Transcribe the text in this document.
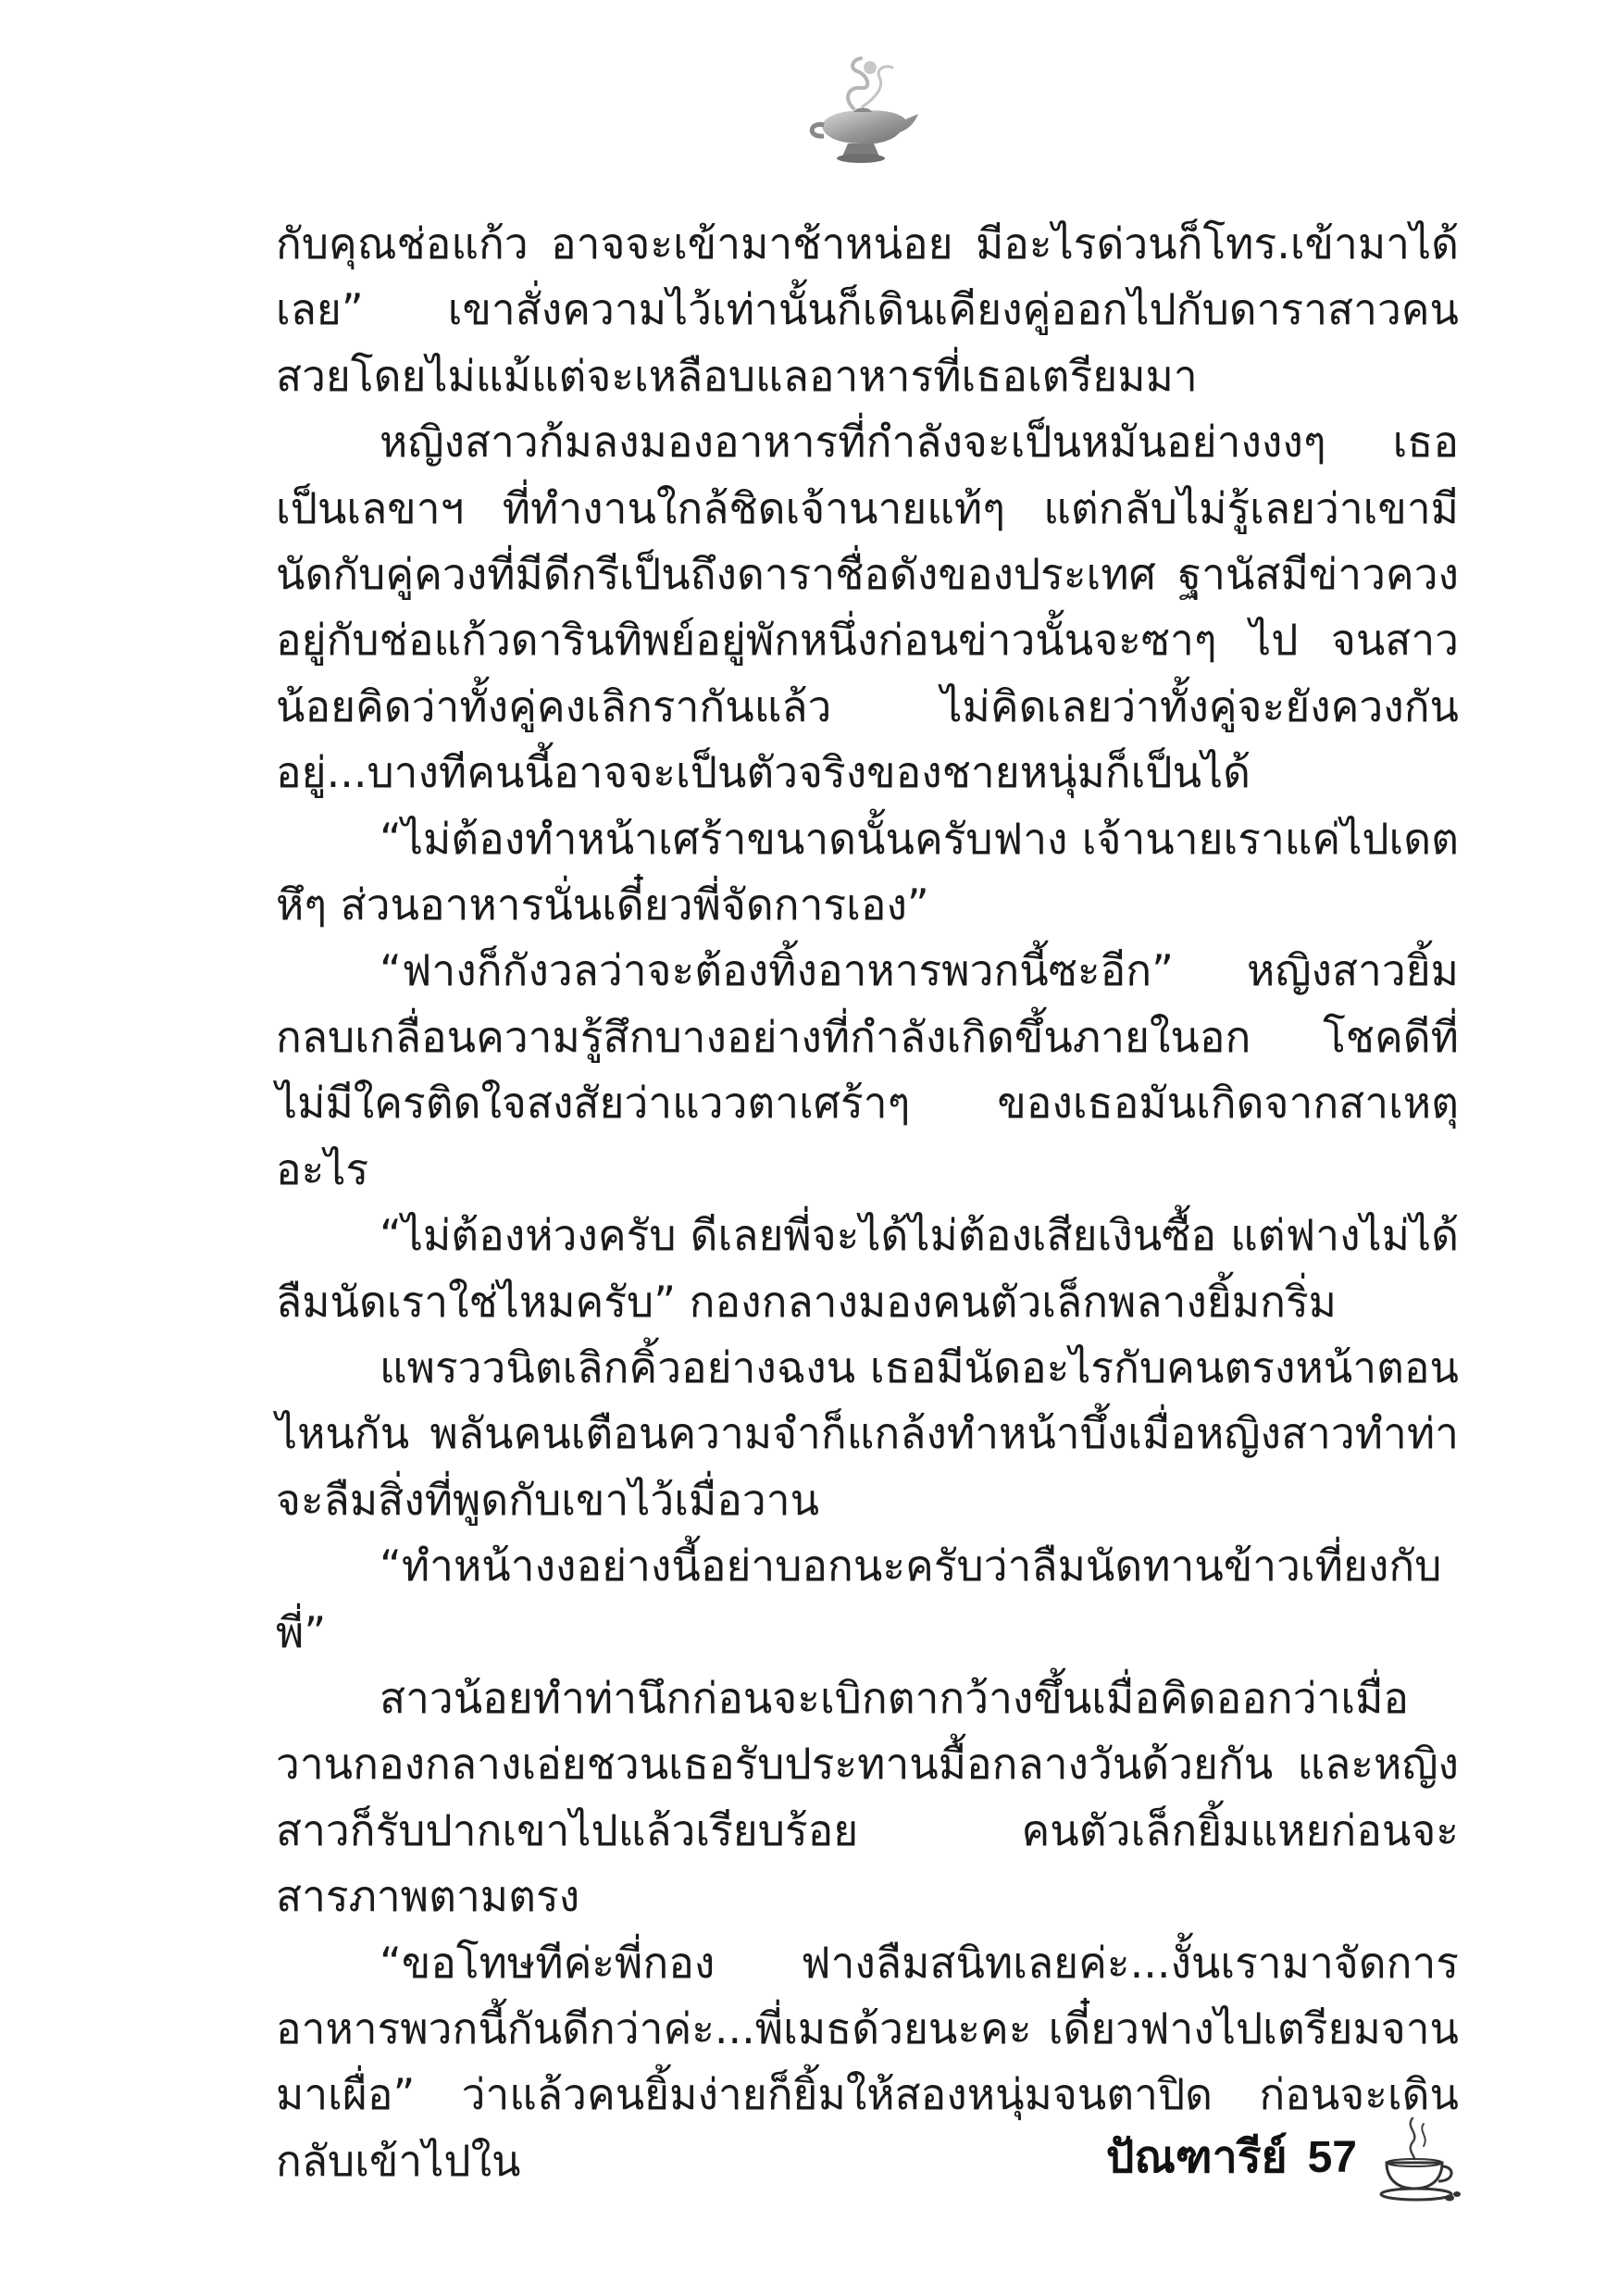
กับคุณช่อแก้ว อาจจะเข้ามาช้าหน่อย มีอะไรด่วนก็โทร.เข้ามาได้เลย” เขาสั่งความไว้เท่านั้นก็เดินเคียงคู่ออกไปกับดาราสาวคนสวยโดยไม่แม้แต่จะเหลือบแลอาหารที่เธอเตรียมมา

หญิงสาวก้มลงมองอาหารที่กำลังจะเป็นหมันอย่างงงๆ เธอเป็นเลขาฯ ที่ทำงานใกล้ชิดเจ้านายแท้ๆ แต่กลับไม่รู้เลยว่าเขามีนัดกับคู่ควงที่มีดีกรีเป็นถึงดาราชื่อดังของประเทศ ฐานัสมีข่าวควงอยู่กับช่อแก้วดารินทิพย์อยู่พักหนึ่งก่อนข่าวนั้นจะซาๆ ไป จนสาวน้อยคิดว่าทั้งคู่คงเลิกรากันแล้ว ไม่คิดเลยว่าทั้งคู่จะยังควงกันอยู่...บางทีคนนี้อาจจะเป็นตัวจริงของชายหนุ่มก็เป็นได้

“ไม่ต้องทำหน้าเศร้าขนาดนั้นครับฟาง เจ้านายเราแค่ไปเดต หึๆ ส่วนอาหารนั่นเดี๋ยวพี่จัดการเอง”

“ฟางก็กังวลว่าจะต้องทิ้งอาหารพวกนี้ซะอีก” หญิงสาวยิ้มกลบเกลื่อนความรู้สึกบางอย่างที่กำลังเกิดขึ้นภายในอก โชคดีที่ไม่มีใครติดใจสงสัยว่าแววตาเศร้าๆ ของเธอมันเกิดจากสาเหตุอะไร

“ไม่ต้องห่วงครับ ดีเลยพี่จะได้ไม่ต้องเสียเงินซื้อ แต่ฟางไม่ได้ลืมนัดเราใช่ไหมครับ” กองกลางมองคนตัวเล็กพลางยิ้มกริ่ม

แพรววนิตเลิกคิ้วอย่างฉงน เธอมีนัดอะไรกับคนตรงหน้าตอนไหนกัน พลันคนเตือนความจำก็แกล้งทำหน้าบึ้งเมื่อหญิงสาวทำท่าจะลืมสิ่งที่พูดกับเขาไว้เมื่อวาน

“ทำหน้างงอย่างนี้อย่าบอกนะครับว่าลืมนัดทานข้าวเที่ยงกับพี่”

สาวน้อยทำท่านึกก่อนจะเบิกตากว้างขึ้นเมื่อคิดออกว่าเมื่อวานกองกลางเอ่ยชวนเธอรับประทานมื้อกลางวันด้วยกัน และหญิงสาวก็รับปากเขาไปแล้วเรียบร้อย คนตัวเล็กยิ้มแหยก่อนจะสารภาพตามตรง

“ขอโทษทีค่ะพี่กอง ฟางลืมสนิทเลยค่ะ...งั้นเรามาจัดการอาหารพวกนี้กันดีกว่าค่ะ...พี่เมธด้วยนะคะ เดี๋ยวฟางไปเตรียมจานมาเผื่อ” ว่าแล้วคนยิ้มง่ายก็ยิ้มให้สองหนุ่มจนตาปิด ก่อนจะเดินกลับเข้าไปใน	ปัณฑารีย์ 57
